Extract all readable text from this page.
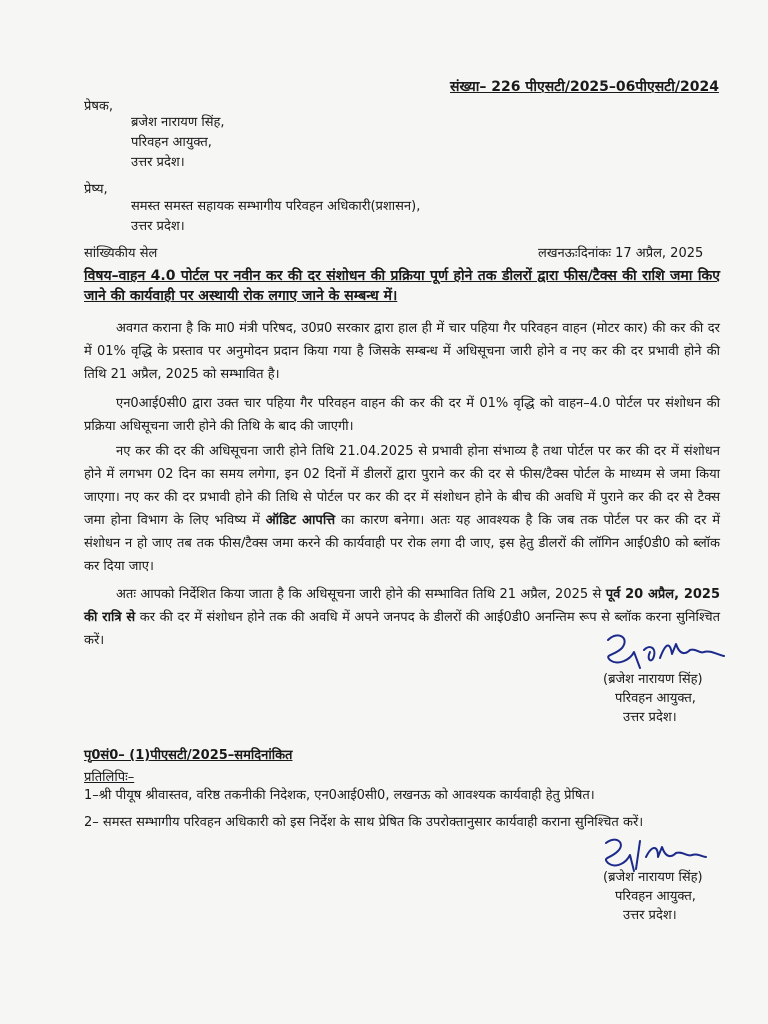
संख्या– 226 पीएसटी/2025–06पीएसटी/2024
प्रेषक,
ब्रजेश नारायण सिंह,
परिवहन आयुक्त,
उत्तर प्रदेश।
प्रेष्य,
समस्त समस्त सहायक सम्भागीय परिवहन अधिकारी(प्रशासन),
उत्तर प्रदेश।
सांख्यिकीय सेल	लखनऊःदिनांकः 17 अप्रैल, 2025
विषय–वाहन 4.0 पोर्टल पर नवीन कर की दर संशोधन की प्रक्रिया पूर्ण होने तक डीलरों द्वारा फीस/टैक्स की राशि जमा किए जाने की कार्यवाही पर अस्थायी रोक लगाए जाने के सम्बन्ध में।

अवगत कराना है कि मा0 मंत्री परिषद, उ0प्र0 सरकार द्वारा हाल ही में चार पहिया गैर परिवहन वाहन (मोटर कार) की कर की दर में 01% वृद्धि के प्रस्ताव पर अनुमोदन प्रदान किया गया है जिसके सम्बन्ध में अधिसूचना जारी होने व नए कर की दर प्रभावी होने की तिथि 21 अप्रैल, 2025 को सम्भावित है।

एन0आई0सी0 द्वारा उक्त चार पहिया गैर परिवहन वाहन की कर की दर में 01% वृद्धि को वाहन–4.0 पोर्टल पर संशोधन की प्रक्रिया अधिसूचना जारी होने की तिथि के बाद की जाएगी।

नए कर की दर की अधिसूचना जारी होने तिथि 21.04.2025 से प्रभावी होना संभाव्य है तथा पोर्टल पर कर की दर में संशोधन होने में लगभग 02 दिन का समय लगेगा, इन 02 दिनों में डीलरों द्वारा पुराने कर की दर से फीस/टैक्स पोर्टल के माध्यम से जमा किया जाएगा। नए कर की दर प्रभावी होने की तिथि से पोर्टल पर कर की दर में संशोधन होने के बीच की अवधि में पुराने कर की दर से टैक्स जमा होना विभाग के लिए भविष्य में ऑडिट आपत्ति का कारण बनेगा। अतः यह आवश्यक है कि जब तक पोर्टल पर कर की दर में संशोधन न हो जाए तब तक फीस/टैक्स जमा करने की कार्यवाही पर रोक लगा दी जाए, इस हेतु डीलरों की लॉगिन आई0डी0 को ब्लॉक कर दिया जाए।

अतः आपको निर्देशित किया जाता है कि अधिसूचना जारी होने की सम्भावित तिथि 21 अप्रैल, 2025 से पूर्व 20 अप्रैल, 2025 की रात्रि से कर की दर में संशोधन होने तक की अवधि में अपने जनपद के डीलरों की आई0डी0 अनन्तिम रूप से ब्लॉक करना सुनिश्चित करें।

(ब्रजेश नारायण सिंह)
परिवहन आयुक्त,
उत्तर प्रदेश।
पृ0सं0– (1)पीएसटी/2025–समदिनांकित
प्रतिलिपिः–

1–श्री पीयूष श्रीवास्तव, वरिष्ठ तकनीकी निदेशक, एन0आई0सी0, लखनऊ को आवश्यक कार्यवाही हेतु प्रेषित।

2– समस्त सम्भागीय परिवहन अधिकारी को इस निर्देश के साथ प्रेषित कि उपरोक्तानुसार कार्यवाही कराना सुनिश्चित करें।

(ब्रजेश नारायण सिंह)
परिवहन आयुक्त,
उत्तर प्रदेश।
